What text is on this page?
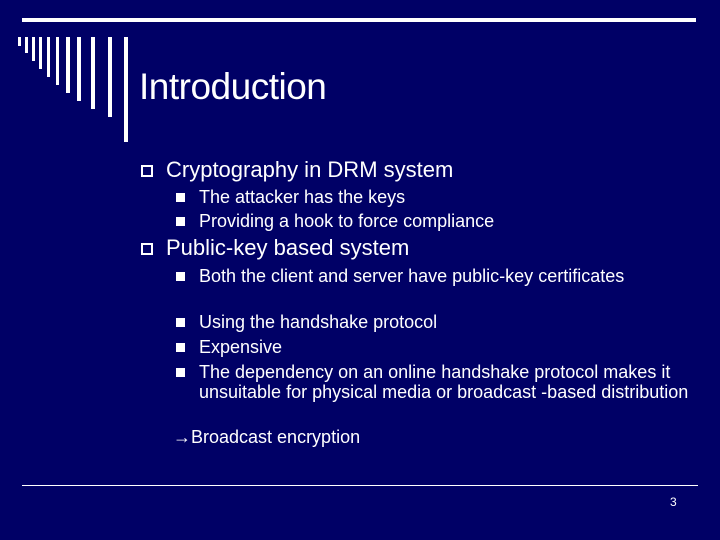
Introduction
Cryptography in DRM system
The attacker has the keys
Providing a hook to force compliance
Public-key based system
Both the client and server have public-key certificates
Using the handshake protocol
Expensive
The dependency on an online handshake protocol makes it unsuitable for physical media or broadcast -based distribution
→Broadcast encryption
3
